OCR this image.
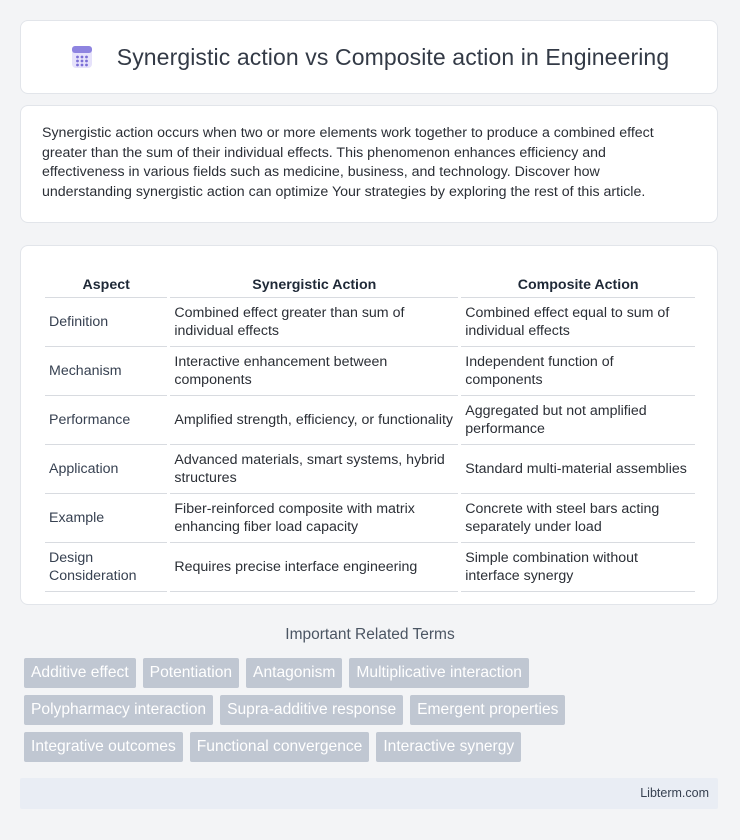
Synergistic action vs Composite action in Engineering

Synergistic action occurs when two or more elements work together to produce a combined effect greater than the sum of their individual effects. This phenomenon enhances efficiency and effectiveness in various fields such as medicine, business, and technology. Discover how understanding synergistic action can optimize Your strategies by exploring the rest of this article.

Aspect	Synergistic Action	Composite Action
Definition	Combined effect greater than sum of individual effects	Combined effect equal to sum of individual effects
Mechanism	Interactive enhancement between components	Independent function of components
Performance	Amplified strength, efficiency, or functionality	Aggregated but not amplified performance
Application	Advanced materials, smart systems, hybrid structures	Standard multi-material assemblies
Example	Fiber-reinforced composite with matrix enhancing fiber load capacity	Concrete with steel bars acting separately under load
Design Consideration	Requires precise interface engineering	Simple combination without interface synergy
Important Related Terms
Additive effect	Potentiation	Antagonism	Multiplicative interaction
Polypharmacy interaction	Supra-additive response	Emergent properties
Integrative outcomes	Functional convergence	Interactive synergy
Libterm.com
